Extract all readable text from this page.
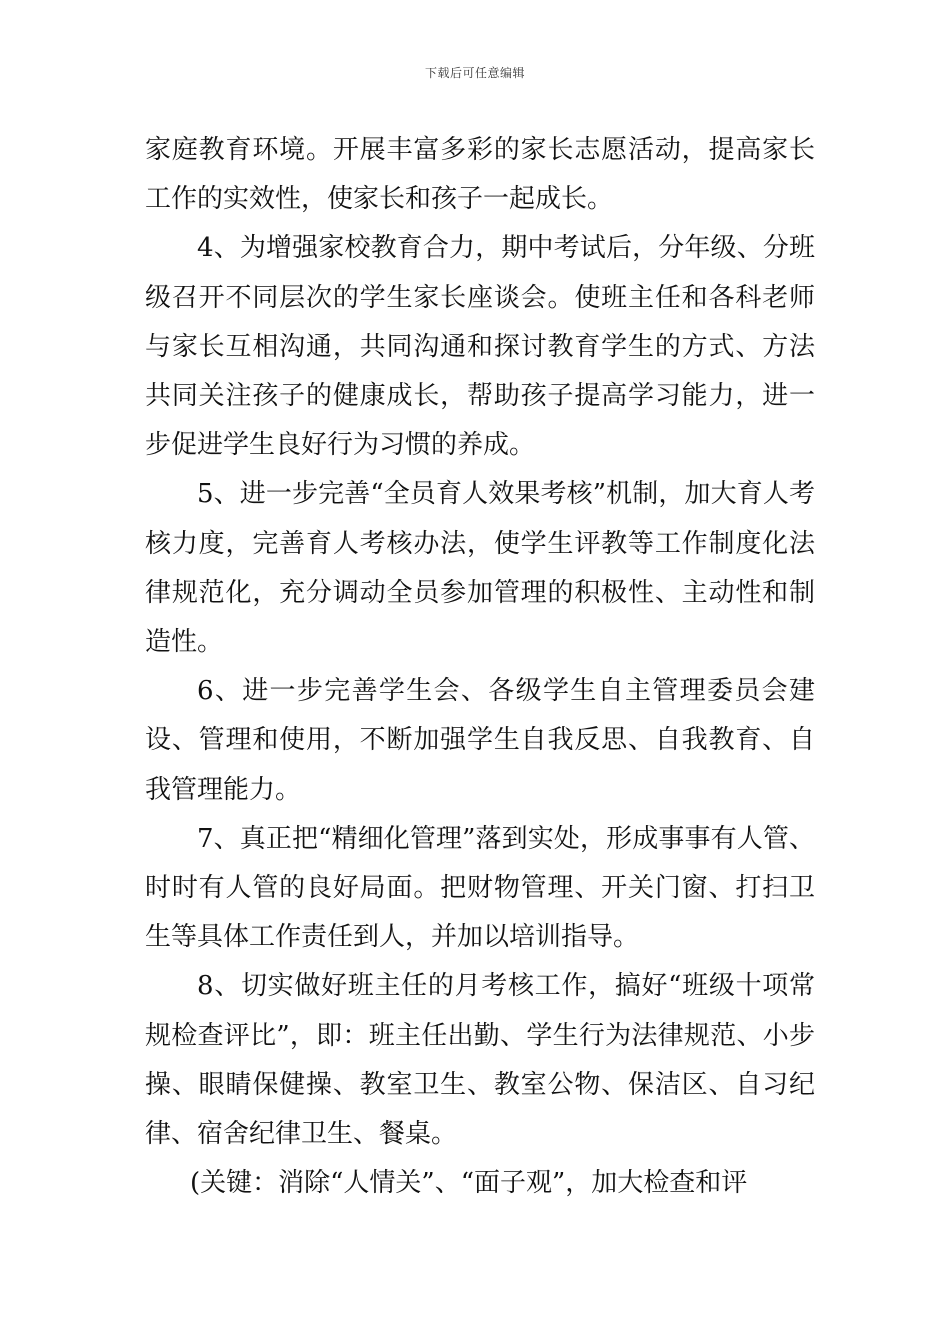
下载后可任意编辑

家庭教育环境。开展丰富多彩的家长志愿活动，提高家长工作的实效性，使家长和孩子一起成长。

4、为增强家校教育合力，期中考试后，分年级、分班级召开不同层次的学生家长座谈会。使班主任和各科老师与家长互相沟通，共同沟通和探讨教育学生的方式、方法共同关注孩子的健康成长，帮助孩子提高学习能力，进一步促进学生良好行为习惯的养成。

5、进一步完善“全员育人效果考核”机制，加大育人考核力度，完善育人考核办法，使学生评教等工作制度化法律规范化，充分调动全员参加管理的积极性、主动性和制造性。

6、进一步完善学生会、各级学生自主管理委员会建设、管理和使用，不断加强学生自我反思、自我教育、自我管理能力。

7、真正把“精细化管理”落到实处，形成事事有人管、时时有人管的良好局面。把财物管理、开关门窗、打扫卫生等具体工作责任到人，并加以培训指导。

8、切实做好班主任的月考核工作，搞好“班级十项常规检查评比”，即：班主任出勤、学生行为法律规范、小步操、眼睛保健操、教室卫生、教室公物、保洁区、自习纪律、宿舍纪律卫生、餐桌。

(关键：消除“人情关”、“面子观”，加大检查和评
